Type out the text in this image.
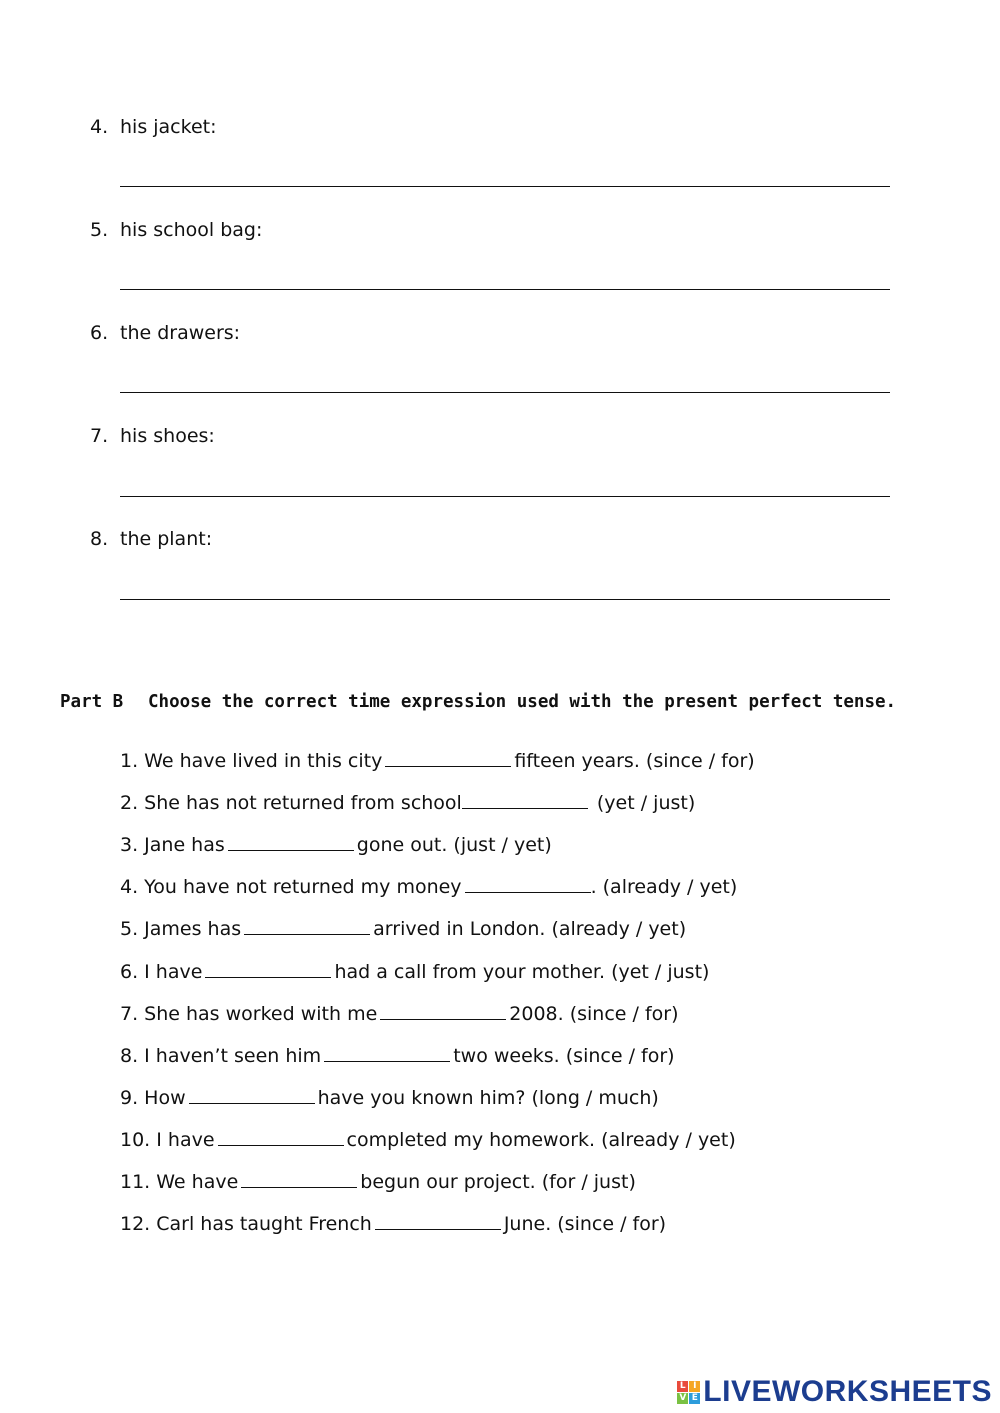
4. his jacket:
5. his school bag:
6. the drawers:
7. his shoes:
8. the plant:
Part B Choose the correct time expression used with the present perfect tense.
1. We have lived in this city	fifteen years. (since / for)
2. She has not returned from school	(yet / just)
3. Jane has	gone out. (just / yet)
4. You have not returned my money	. (already / yet)
5. James has	arrived in London. (already / yet)
6. I have	had a call from your mother. (yet / just)
7. She has worked with me	2008. (since / for)
8. I haven’t seen him	two weeks. (since / for)
9. How	have you known him? (long / much)
10. I have	completed my homework. (already / yet)
11. We have	begun our project. (for / just)
12. Carl has taught French	June. (since / for)
L I
V E LIVEWORKSHEETS
